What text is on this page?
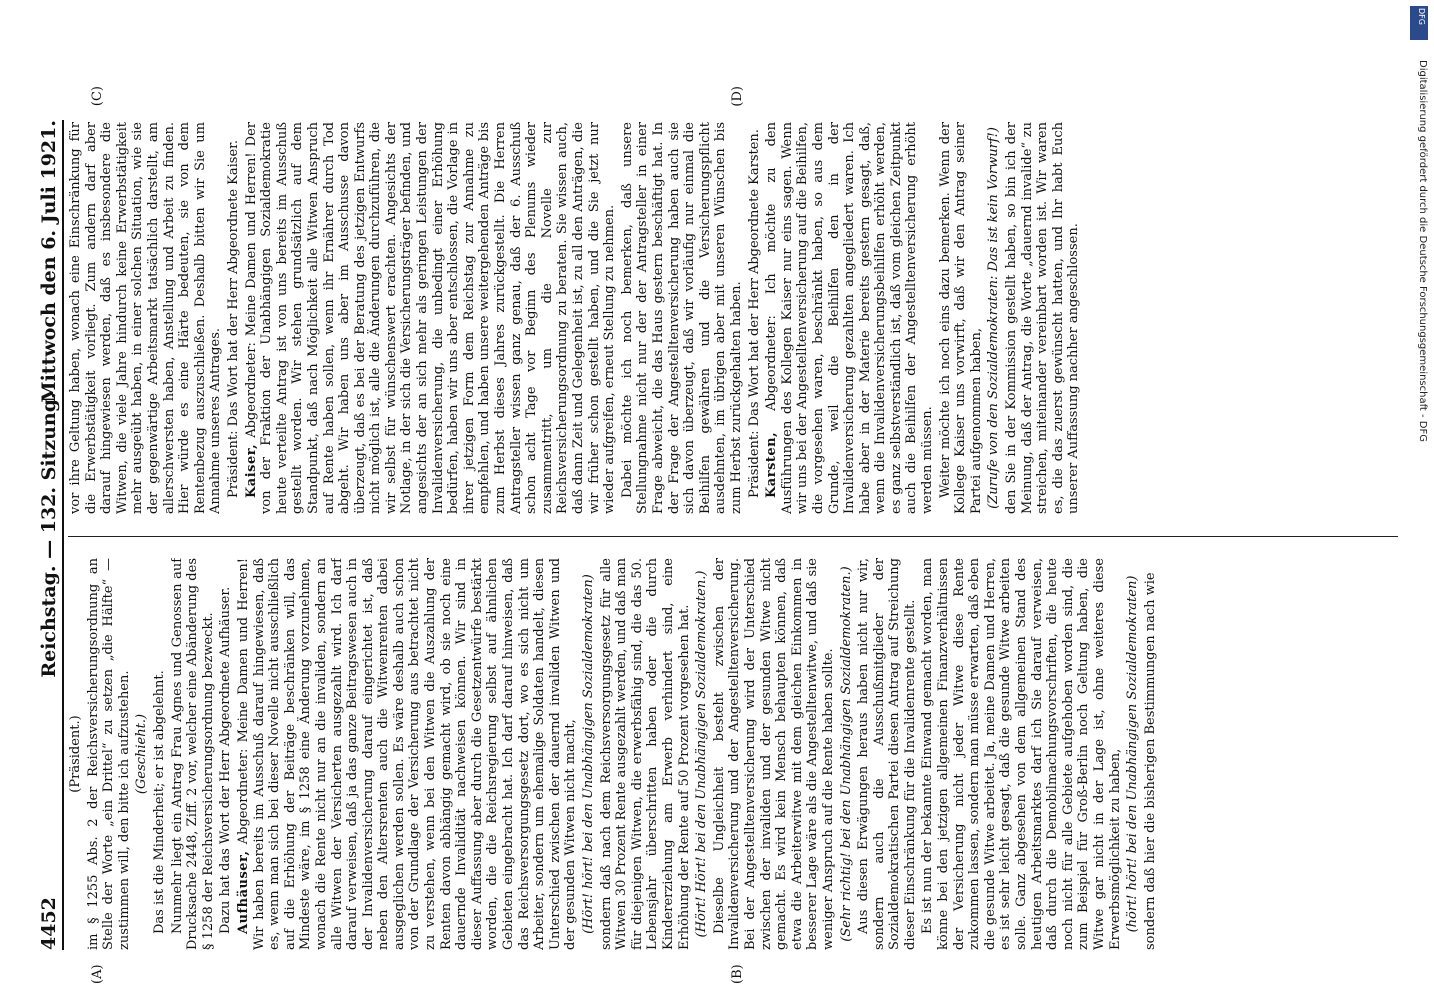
4452
Reichstag. — 132. Sitzung.
Mittwoch den 6. Juli 1921.
(A)	(B)
(C)	(D)

(Präsident.) im § 1255 Abs. 2 der Reichsversicherungsordnung an Stelle der Worte „ein Drittel“ zu setzen „die Hälfte“ — zustimmen will, den bitte ich aufzustehen. (Geschieht.) Das ist die Minderheit; er ist abgelehnt. Nunmehr liegt ein Antrag Frau Agnes und Genossen auf Drucksache 2448, Ziff. 2 vor, welcher eine Abänderung des § 1258 der Reichsversicherungsordnung bezweckt. Dazu hat das Wort der Herr Abgeordnete Aufhäuser. Aufhäuser, Abgeordneter: Meine Damen und Herren! Wir haben bereits im Ausschuß darauf hingewiesen, daß es, wenn man sich bei dieser Novelle nicht ausschließlich auf die Erhöhung der Beiträge beschränken will, das Mindeste wäre, im § 1258 eine Änderung vorzunehmen, wonach die Rente nicht nur an die invaliden, sondern an alle Witwen der Versicherten ausgezahlt wird. Ich darf darauf verweisen, daß ja das ganze Beitragswesen auch in der Invalidenversicherung darauf eingerichtet ist, daß neben den Altersrenten auch die Witwenrenten dabei ausgeglichen werden sollen. Es wäre deshalb auch schon von der Grundlage der Versicherung aus betrachtet nicht zu verstehen, wenn bei den Witwen die Auszahlung der Renten davon abhängig gemacht wird, ob sie noch eine dauernde Invalidität nachweisen können. Wir sind in dieser Auffassung aber durch die Gesetzentwürfe bestärkt worden, die die Reichsregierung selbst auf ähnlichen Gebieten eingebracht hat. Ich darf darauf hinweisen, daß das Reichsversorgungsgesetz dort, wo es sich nicht um Arbeiter, sondern um ehemalige Soldaten handelt, diesen Unterschied zwischen der dauernd invaliden Witwen und der gesunden Witwen nicht macht, (Hört! hört! bei den Unabhängigen Sozialdemokraten) sondern daß nach dem Reichsversorgungsgesetz für alle Witwen 30 Prozent Rente ausgezahlt werden, und daß man für diejenigen Witwen, die erwerbsfähig sind, die das 50. Lebensjahr überschritten haben oder die durch Kindererziehung am Erwerb verhindert sind, eine Erhöhung der Rente auf 50 Prozent vorgesehen hat. (Hört! Hört! bei den Unabhängigen Sozialdemokraten.) Dieselbe Ungleichheit besteht zwischen der Invalidenversicherung und der Angestelltenversicherung. Bei der Angestelltenversicherung wird der Unterschied zwischen der invaliden und der gesunden Witwe nicht gemacht. Es wird kein Mensch behaupten können, daß etwa die Arbeiterwitwe mit dem gleichen Einkommen in besserer Lage wäre als die Angestelltenwitwe, und daß sie weniger Anspruch auf die Rente haben sollte. (Sehr richtig! bei den Unabhängigen Sozialdemokraten.) Aus diesen Erwägungen heraus haben nicht nur wir, sondern auch die Ausschußmitglieder der Sozialdemokratischen Partei diesen Antrag auf Streichung dieser Einschränkung für die Invalidenrente gestellt. Es ist nun der bekannte Einwand gemacht worden, man könne bei den jetzigen allgemeinen Finanzverhältnissen der Versicherung nicht jeder Witwe diese Rente zukommen lassen, sondern man müsse erwarten, daß eben die gesunde Witwe arbeitet. Ja, meine Damen und Herren, es ist sehr leicht gesagt, daß die gesunde Witwe arbeiten solle. Ganz abgesehen von dem allgemeinen Stand des heutigen Arbeitsmarktes darf ich Sie darauf verweisen, daß durch die Demobilmachungsvorschriften, die heute noch nicht für alle Gebiete aufgehoben worden sind, die zum Beispiel für Groß-Berlin noch Geltung haben, die Witwe gar nicht in der Lage ist, ohne weiteres diese Erwerbsmöglichkeit zu haben, (hört! hört! bei den Unabhängigen Sozialdemokraten) sondern daß hier die bisherigen Bestimmungen nach wie

vor ihre Geltung haben, wonach eine Einschränkung für die Erwerbstätigkeit vorliegt. Zum andern darf aber darauf hingewiesen werden, daß es insbesondere die Witwen, die viele Jahre hindurch keine Erwerbstätigkeit mehr ausgeübt haben, in einer solchen Situation, wie sie der gegenwärtige Arbeitsmarkt tatsächlich darstellt, am allerschwersten haben, Anstellung und Arbeit zu finden. Hier würde es eine Härte bedeuten, sie von dem Rentenbezug auszuschließen. Deshalb bitten wir Sie um Annahme unseres Antrages. Präsident: Das Wort hat der Herr Abgeordnete Kaiser. Kaiser, Abgeordneter: Meine Damen und Herren! Der von der Fraktion der Unabhängigen Sozialdemokratie heute verteilte Antrag ist von uns bereits im Ausschuß gestellt worden. Wir stehen grundsätzlich auf dem Standpunkt, daß nach Möglichkeit alle Witwen Anspruch auf Rente haben sollen, wenn ihr Ernährer durch Tod abgeht. Wir haben uns aber im Ausschusse davon überzeugt, daß es bei der Beratung des jetzigen Entwurfs nicht möglich ist, alle die Änderungen durchzuführen, die wir selbst für wünschenswert erachten. Angesichts der Notlage, in der sich die Versicherungsträger befinden, und angesichts der an sich mehr als geringen Leistungen der Invalidenversicherung, die unbedingt einer Erhöhung bedürfen, haben wir uns aber entschlossen, die Vorlage in ihrer jetzigen Form dem Reichstag zur Annahme zu empfehlen, und haben unsere weitergehenden Anträge bis zum Herbst dieses Jahres zurückgestellt. Die Herren Antragsteller wissen ganz genau, daß der 6. Ausschuß schon acht Tage vor Beginn des Plenums wieder zusammentritt, um die Novelle zur Reichsversicherungsordnung zu beraten. Sie wissen auch, daß dann Zeit und Gelegenheit ist, zu all den Anträgen, die wir früher schon gestellt haben, und die Sie jetzt nur wieder aufgreifen, erneut Stellung zu nehmen. Dabei möchte ich noch bemerken, daß unsere Stellungnahme nicht nur der der Antragsteller in einer Frage abweicht, die das Haus gestern beschäftigt hat. In der Frage der Angestelltenversicherung haben auch sie sich davon überzeugt, daß wir vorläufig nur einmal die Beihilfen gewähren und die Versicherungspflicht ausdehnten, im übrigen aber mit unseren Wünschen bis zum Herbst zurückgehalten haben. Präsident: Das Wort hat der Herr Abgeordnete Karsten. Karsten, Abgeordneter: Ich möchte zu den Ausführungen des Kollegen Kaiser nur eins sagen. Wenn wir uns bei der Angestelltenversicherung auf die Beihilfen, die vorgesehen waren, beschränkt haben, so aus dem Grunde, weil die Beihilfen den in der Invalidenversicherung gezahlten angegliedert waren. Ich habe aber in der Materie bereits gestern gesagt, daß, wenn die Invalidenversicherungsbeihilfen erhöht werden, es ganz selbstverständlich ist, daß vom gleichen Zeitpunkt auch die Beihilfen der Angestelltenversicherung erhöht werden müssen. Weiter möchte ich noch eins dazu bemerken. Wenn der Kollege Kaiser uns vorwirft, daß wir den Antrag seiner Partei aufgenommen haben, (Zurufe von den Sozialdemokraten: Das ist kein Vorwurf!) den Sie in der Kommission gestellt haben, so bin ich der Meinung, daß der Antrag, die Worte „dauernd invalide“ zu streichen, miteinander vereinbart worden ist. Wir waren es, die das zuerst gewünscht hatten, und Ihr habt Euch unserer Auffassung nachher angeschlossen.	Digitalisierung gefördert durch die Deutsche Forschungsgemeinschaft - DFG
DFG
